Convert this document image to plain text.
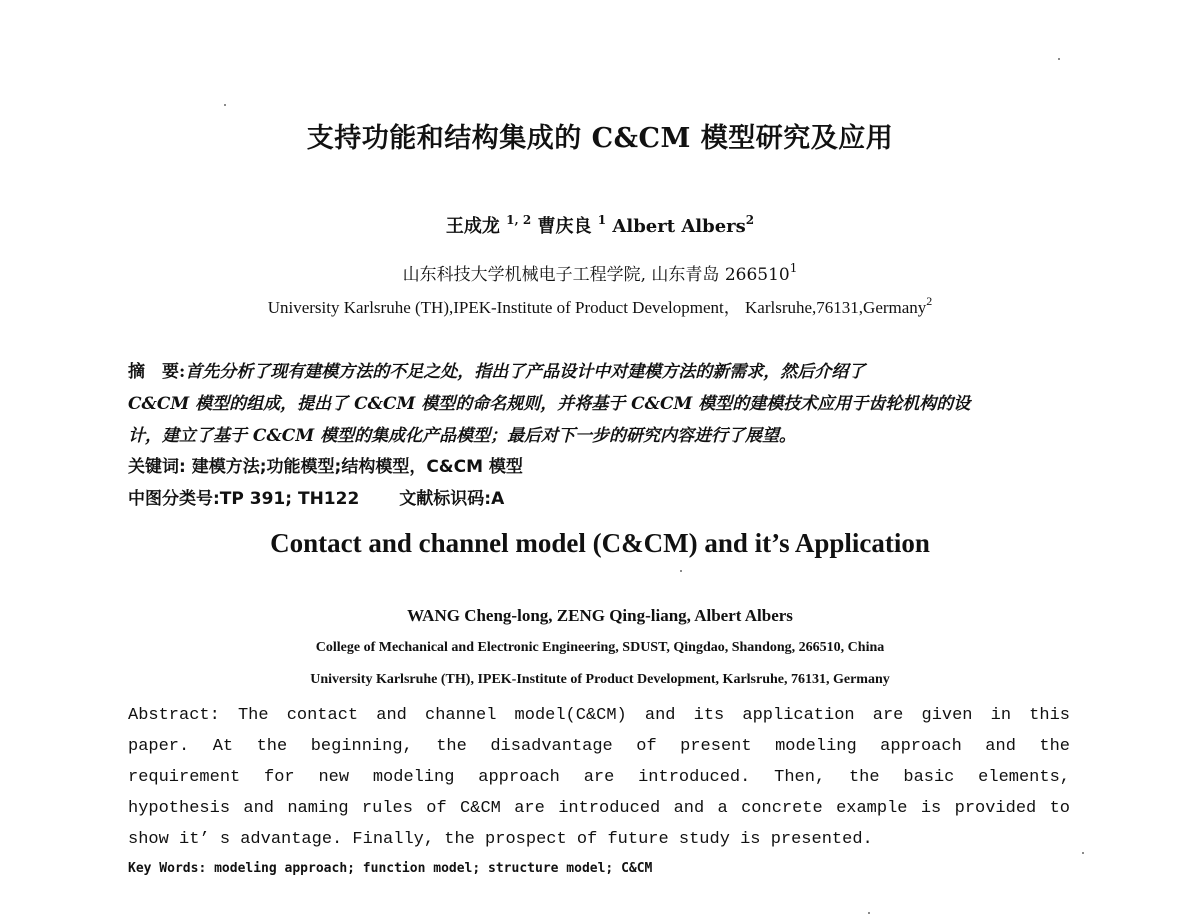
支持功能和结构集成的 C&CM 模型研究及应用
王成龙 $^{1, 2}$ 曹庆良 $^1$ Albert Albers$^2$
山东科技大学机械电子工程学院, 山东青岛 266510$^1$
University Karlsruhe (TH),IPEK-Institute of Product Development， Karlsruhe,76131,Germany$^2$
摘　要:首先分析了现有建模方法的不足之处，指出了产品设计中对建模方法的新需求，然后介绍了
C&CM 模型的组成，提出了 C&CM 模型的命名规则，并将基于 C&CM 模型的建模技术应用于齿轮机构的设
计，建立了基于 C&CM 模型的集成化产品模型；最后对下一步的研究内容进行了展望。
关键词: 建模方法;功能模型;结构模型，C&CM 模型
中图分类号:TP 391; TH122 文献标识码:A
Contact and channel model (C&CM) and it’s Application
WANG Cheng-long, ZENG Qing-liang, Albert Albers
College of Mechanical and Electronic Engineering, SDUST, Qingdao, Shandong, 266510, China
University Karlsruhe (TH), IPEK-Institute of Product Development, Karlsruhe, 76131, Germany
Abstract: The contact and channel model(C&CM) and its application are given in this
paper. At the beginning, the disadvantage of present modeling approach and the
requirement for new modeling approach are introduced. Then, the basic elements,
hypothesis and naming rules of C&CM are introduced and a concrete example is provided to
show it’ s advantage. Finally, the prospect of future study is presented.
Key Words: modeling approach; function model; structure model; C&CM
